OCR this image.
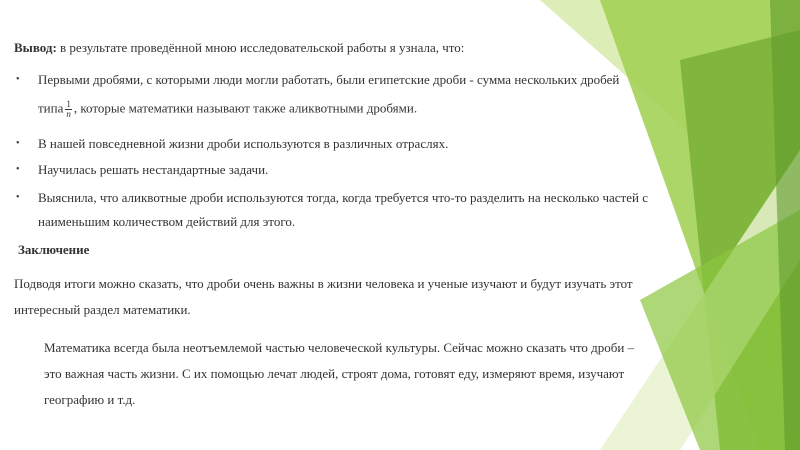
Вывод: в результате проведённой мною исследовательской работы я узнала, что:
• Первыми дробями, с которыми люди могли работать, были египетские дроби - сумма нескольких дробей
типа $\frac{1}{n}$ , которые математики называют также аликвотными дробями.
• В нашей повседневной жизни дроби используются в различных отраслях.
• Научилась решать нестандартные задачи.
• Выяснила, что аликвотные дроби используются тогда, когда требуется что-то разделить на несколько частей с
наименьшим количеством действий для этого.
Заключение
Подводя итоги можно сказать, что дроби очень важны в жизни человека и ученые изучают и будут изучать этот
интересный раздел математики.
Математика всегда была неотъемлемой частью человеческой культуры. Сейчас можно сказать что дроби –
это важная часть жизни. С их помощью лечат людей, строят дома, готовят еду, измеряют время, изучают
географию и т.д.
